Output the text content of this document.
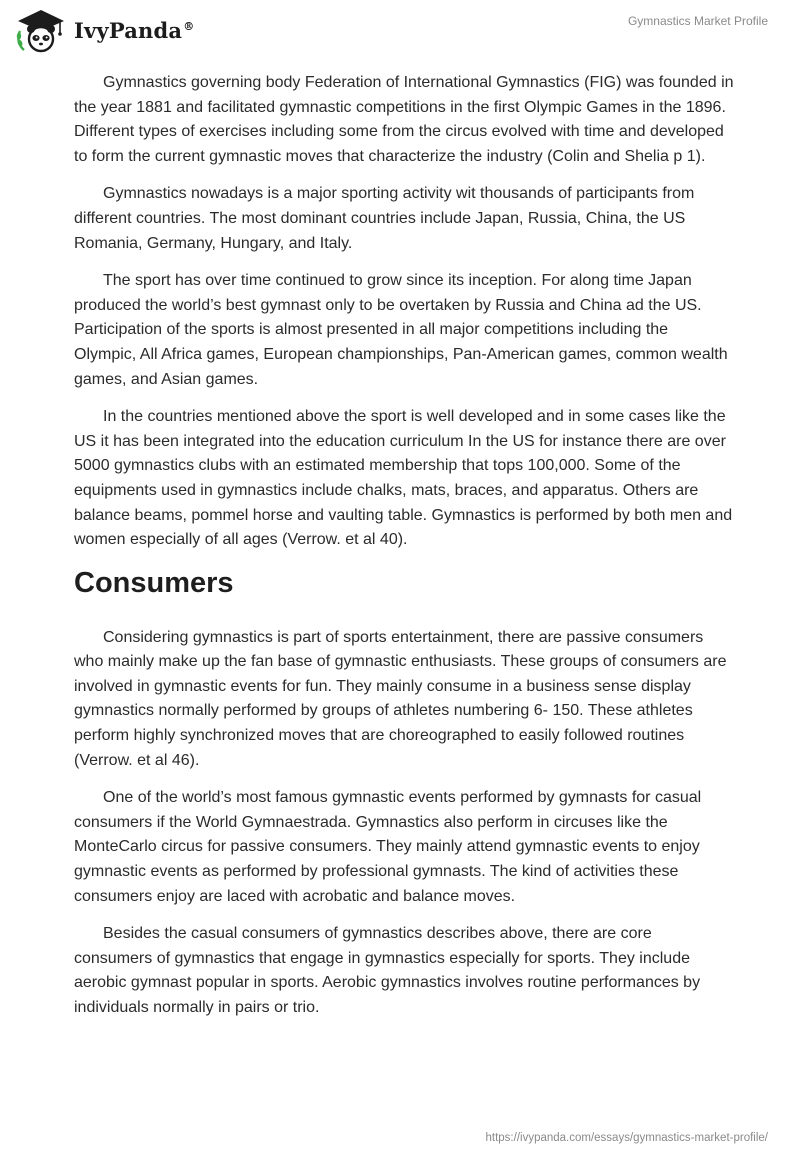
IvyPanda®	Gymnastics Market Profile

Gymnastics governing body Federation of International Gymnastics (FIG) was founded in the year 1881 and facilitated gymnastic competitions in the first Olympic Games in the 1896. Different types of exercises including some from the circus evolved with time and developed to form the current gymnastic moves that characterize the industry (Colin and Shelia p 1).

Gymnastics nowadays is a major sporting activity wit thousands of participants from different countries. The most dominant countries include Japan, Russia, China, the US Romania, Germany, Hungary, and Italy.

The sport has over time continued to grow since its inception. For along time Japan produced the world’s best gymnast only to be overtaken by Russia and China ad the US. Participation of the sports is almost presented in all major competitions including the Olympic, All Africa games, European championships, Pan-American games, common wealth games, and Asian games.

In the countries mentioned above the sport is well developed and in some cases like the US it has been integrated into the education curriculum In the US for instance there are over 5000 gymnastics clubs with an estimated membership that tops 100,000. Some of the equipments used in gymnastics include chalks, mats, braces, and apparatus. Others are balance beams, pommel horse and vaulting table. Gymnastics is performed by both men and women especially of all ages (Verrow. et al 40).

Consumers

Considering gymnastics is part of sports entertainment, there are passive consumers who mainly make up the fan base of gymnastic enthusiasts. These groups of consumers are involved in gymnastic events for fun. They mainly consume in a business sense display gymnastics normally performed by groups of athletes numbering 6- 150. These athletes perform highly synchronized moves that are choreographed to easily followed routines (Verrow. et al 46).

One of the world’s most famous gymnastic events performed by gymnasts for casual consumers if the World Gymnaestrada. Gymnastics also perform in circuses like the MonteCarlo circus for passive consumers. They mainly attend gymnastic events to enjoy gymnastic events as performed by professional gymnasts. The kind of activities these consumers enjoy are laced with acrobatic and balance moves.

Besides the casual consumers of gymnastics describes above, there are core consumers of gymnastics that engage in gymnastics especially for sports. They include aerobic gymnast popular in sports. Aerobic gymnastics involves routine performances by individuals normally in pairs or trio.

https://ivypanda.com/essays/gymnastics-market-profile/
